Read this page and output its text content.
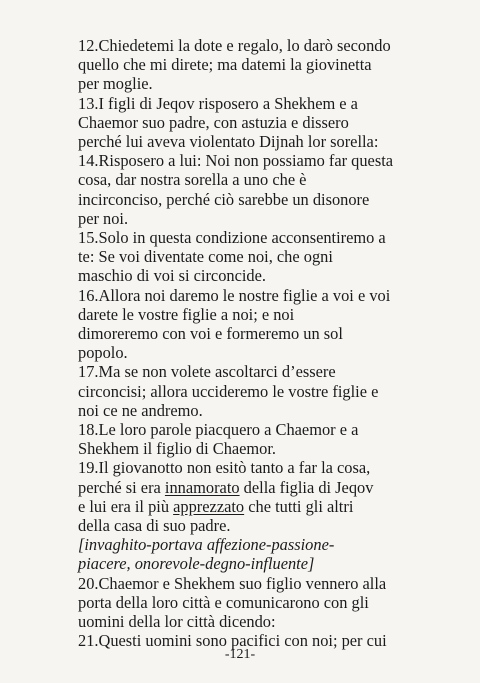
12.Chiedetemi la dote e regalo, lo darò secondo
quello che mi direte; ma datemi la giovinetta
per moglie.
13.I figli di Jeqov risposero a Shekhem e a
Chaemor suo padre, con astuzia e dissero
perché lui aveva violentato Dijnah lor sorella:
14.Risposero a lui: Noi non possiamo far questa
cosa, dar nostra sorella a uno che è
incirconciso, perché ciò sarebbe un disonore
per noi.
15.Solo in questa condizione acconsentiremo a
te: Se voi diventate come noi, che ogni
maschio di voi si circoncide.
16.Allora noi daremo le nostre figlie a voi e voi
darete le vostre figlie a noi; e noi
dimoreremo con voi e formeremo un sol
popolo.
17.Ma se non volete ascoltarci d’essere
circoncisi; allora uccideremo le vostre figlie e
noi ce ne andremo.
18.Le loro parole piacquero a Chaemor e a
Shekhem il figlio di Chaemor.
19.Il giovanotto non esitò tanto a far la cosa,
perché si era innamorato della figlia di Jeqov
e lui era il più apprezzato che tutti gli altri
della casa di suo padre.
[invaghito-portava affezione-passione-
piacere, onorevole-degno-influente]
20.Chaemor e Shekhem suo figlio vennero alla
porta della loro città e comunicarono con gli
uomini della lor città dicendo:
21.Questi uomini sono pacifici con noi; per cui
-121-
